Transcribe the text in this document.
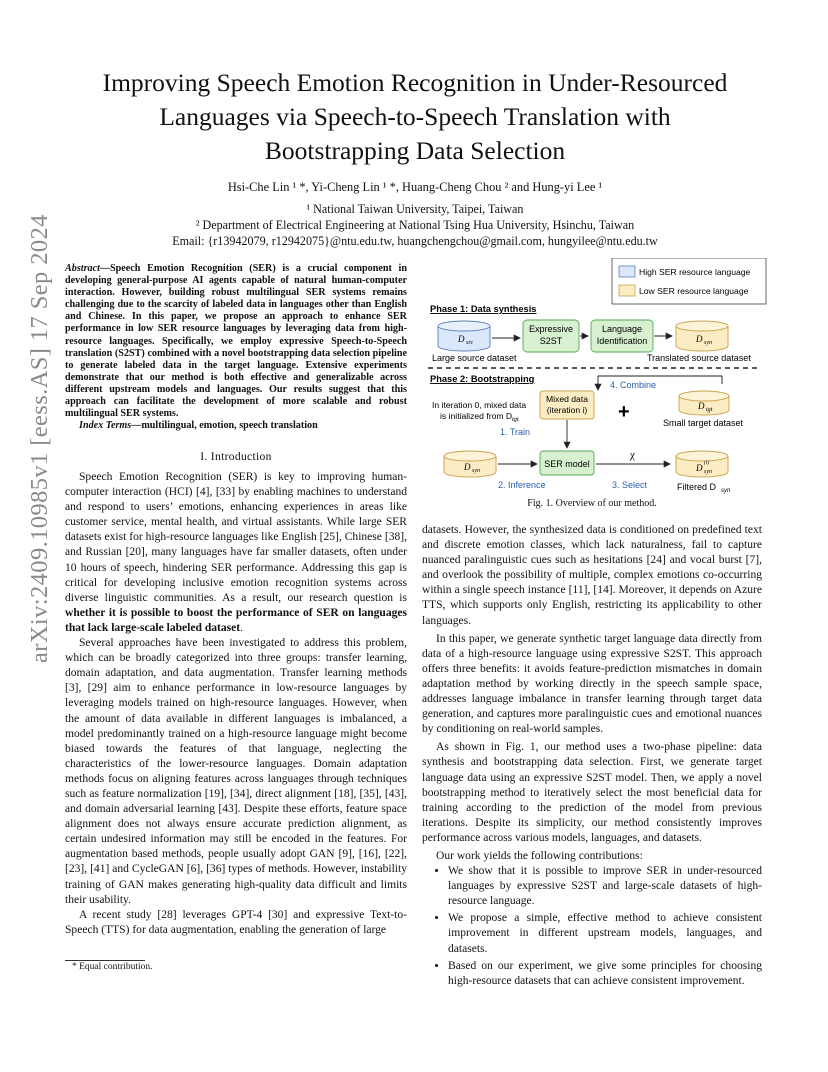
arXiv:2409.10985v1 [eess.AS] 17 Sep 2024
Improving Speech Emotion Recognition in Under-Resourced
Languages via Speech-to-Speech Translation with
Bootstrapping Data Selection
Hsi-Che Lin ¹ *, Yi-Cheng Lin ¹ *, Huang-Cheng Chou ² and Hung-yi Lee ¹
¹ National Taiwan University, Taipei, Taiwan
² Department of Electrical Engineering at National Tsing Hua University, Hsinchu, Taiwan
Email: {r13942079, r12942075}@ntu.edu.tw, huangchengchou@gmail.com, hungyilee@ntu.edu.tw

Abstract—Speech Emotion Recognition (SER) is a crucial component in developing general-purpose AI agents capable of natural human-computer interaction. However, building robust multilingual SER systems remains challenging due to the scarcity of labeled data in languages other than English and Chinese. In this paper, we propose an approach to enhance SER performance in low SER resource languages by leveraging data from high-resource languages. Specifically, we employ expressive Speech-to-Speech translation (S2ST) combined with a novel bootstrapping data selection pipeline to generate labeled data in the target language. Extensive experiments demonstrate that our method is both effective and generalizable across different upstream models and languages. Our results suggest that this approach can facilitate the development of more scalable and robust multilingual SER systems.

Index Terms—multilingual, emotion, speech translation

I. Introduction

Speech Emotion Recognition (SER) is key to improving human-computer interaction (HCI) [4], [33] by enabling machines to understand and respond to users’ emotions, enhancing experiences in areas like customer service, mental health, and virtual assistants. While large SER datasets exist for high-resource languages like English [25], Chinese [38], and Russian [20], many languages have far smaller datasets, often under 10 hours of speech, hindering SER performance. Addressing this gap is critical for developing inclusive emotion recognition systems across diverse linguistic communities. As a result, our research question is whether it is possible to boost the performance of SER on languages that lack large-scale labeled dataset.

Several approaches have been investigated to address this problem, which can be broadly categorized into three groups: transfer learning, domain adaptation, and data augmentation. Transfer learning methods [3], [29] aim to enhance performance in low-resource languages by leveraging models trained on high-resource languages. However, when the amount of data available in different languages is imbalanced, a model predominantly trained on a high-resource language might become biased towards the features of that language, neglecting the characteristics of the lower-resource languages. Domain adaptation methods focus on aligning features across languages through techniques such as feature normalization [19], [34], direct alignment [18], [35], [43], and domain adversarial learning [43]. Despite these efforts, feature space alignment does not always ensure accurate prediction alignment, as certain undesired information may still be encoded in the features. For augmentation based methods, people usually adopt GAN [9], [16], [22], [23], [41] and CycleGAN [6], [36] types of methods. However, instability training of GAN makes generating high-quality data difficult and limits their usability.

A recent study [28] leverages GPT-4 [30] and expressive Text-to-Speech (TTS) for data augmentation, enabling the generation of large

* Equal contribution.
High SER resource language
Low SER resource language
Phase 1: Data synthesis
D src
Expressive
S2ST
Language
Identification	D syn
Large source dataset	Translated source dataset
Phase 2: Bootstrapping
In iteration 0, mixed data
is initialized from D tgt.
Mixed data
(iteration i)
4. Combine
+	D tgt
Small target dataset
1. Train
D syn
SER model
χ
D syn
(i)
2. Inference	3. Select	Filtered D syn
Fig. 1. Overview of our method.

datasets. However, the synthesized data is conditioned on predefined text and discrete emotion classes, which lack naturalness, fail to capture nuanced paralinguistic cues such as hesitations [24] and vocal burst [7], and overlook the possibility of multiple, complex emotions co-occurring within a single speech instance [11], [14]. Moreover, it depends on Azure TTS, which supports only English, restricting its applicability to other languages.

In this paper, we generate synthetic target language data directly from data of a high-resource language using expressive S2ST. This approach offers three benefits: it avoids feature-prediction mismatches in domain adaptation method by working directly in the speech sample space, addresses language imbalance in transfer learning through target data generation, and captures more paralinguistic cues and emotional nuances by conditioning on real-world samples.

As shown in Fig. 1, our method uses a two-phase pipeline: data synthesis and bootstrapping data selection. First, we generate target language data using an expressive S2ST model. Then, we apply a novel bootstrapping method to iteratively select the most beneficial data for training according to the prediction of the model from previous iterations. Despite its simplicity, our method consistently improves performance across various models, languages, and datasets.

Our work yields the following contributions:

• We show that it is possible to improve SER in under-resourced languages by expressive S2ST and large-scale datasets of high-resource language.
• We propose a simple, effective method to achieve consistent improvement in different upstream models, languages, and datasets.
• Based on our experiment, we give some principles for choosing high-resource datasets that can achieve consistent improvement.
